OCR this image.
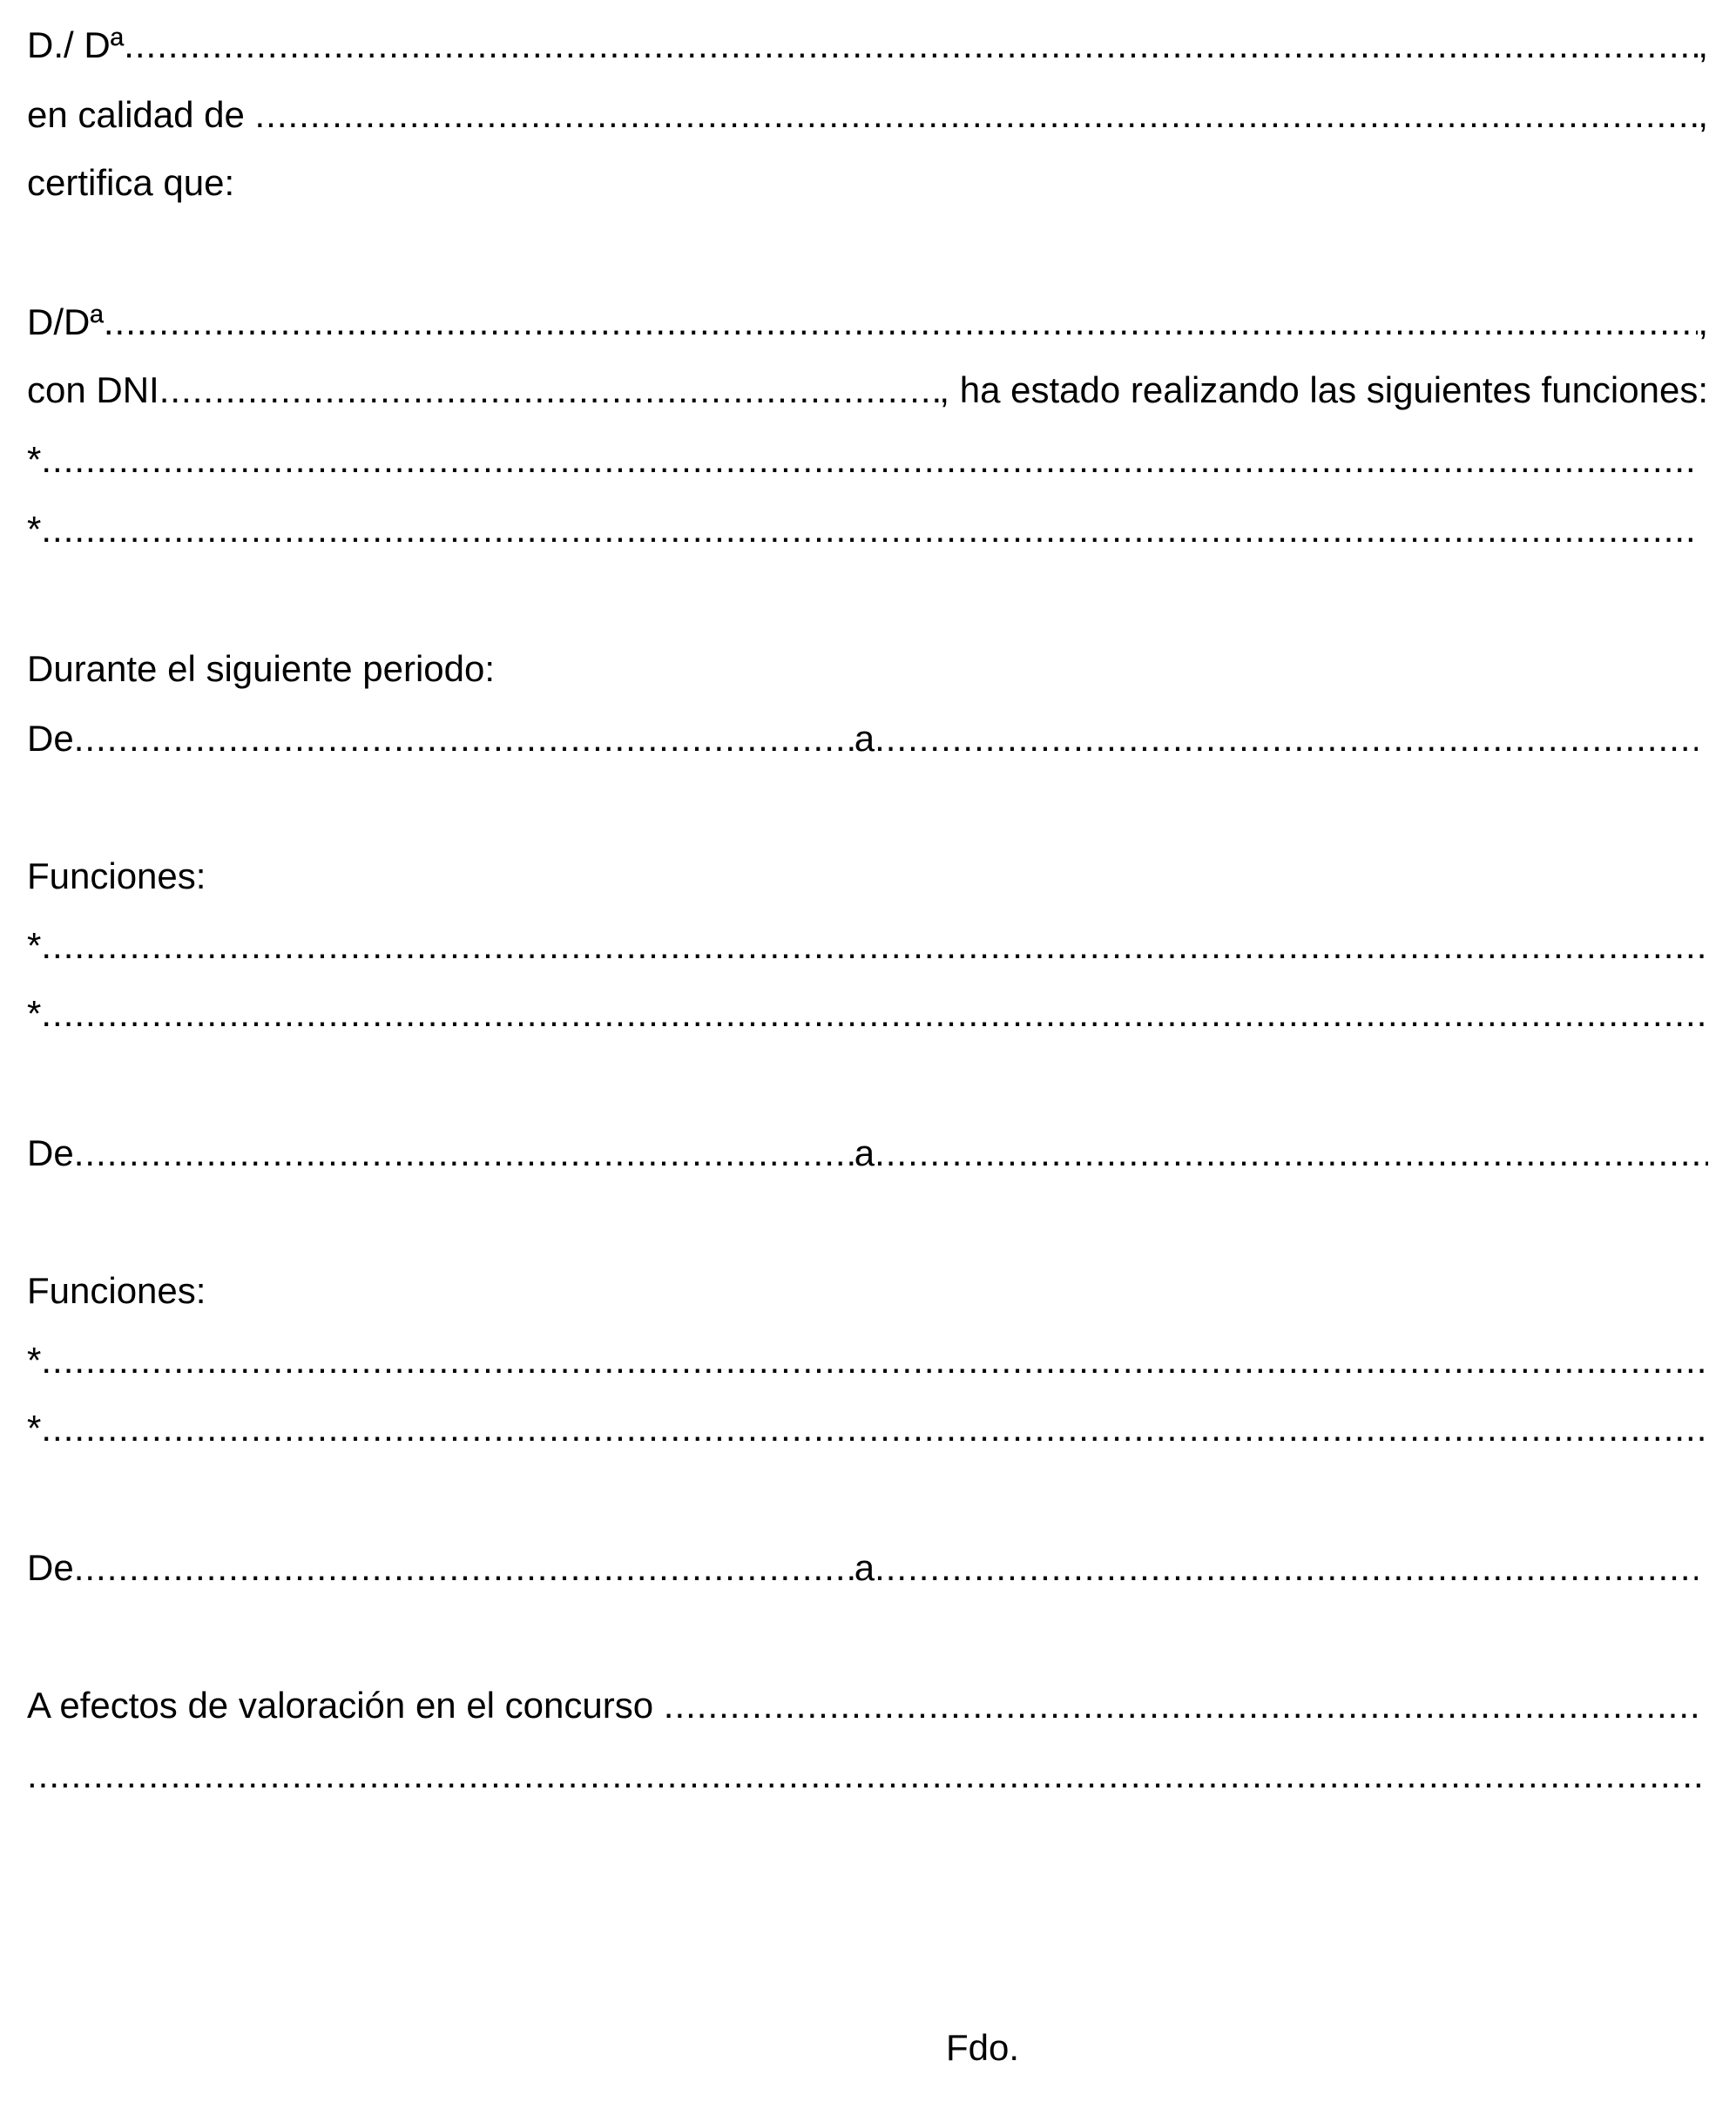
D./ Dª .....	,
en calidad de .....	,
certifica que:
D/Dª .....	,
con DNI .....	, ha estado realizando las siguientes funciones:
*
.....
*
.....
Durante el siguiente periodo:
De .....	a
.....
Funciones:
*
.....
*
.....
De .....	a
.....
Funciones:
*
.....
*
.....
De .....	a
.....
A efectos de valoración en el concurso
.....
.....
Fdo.
